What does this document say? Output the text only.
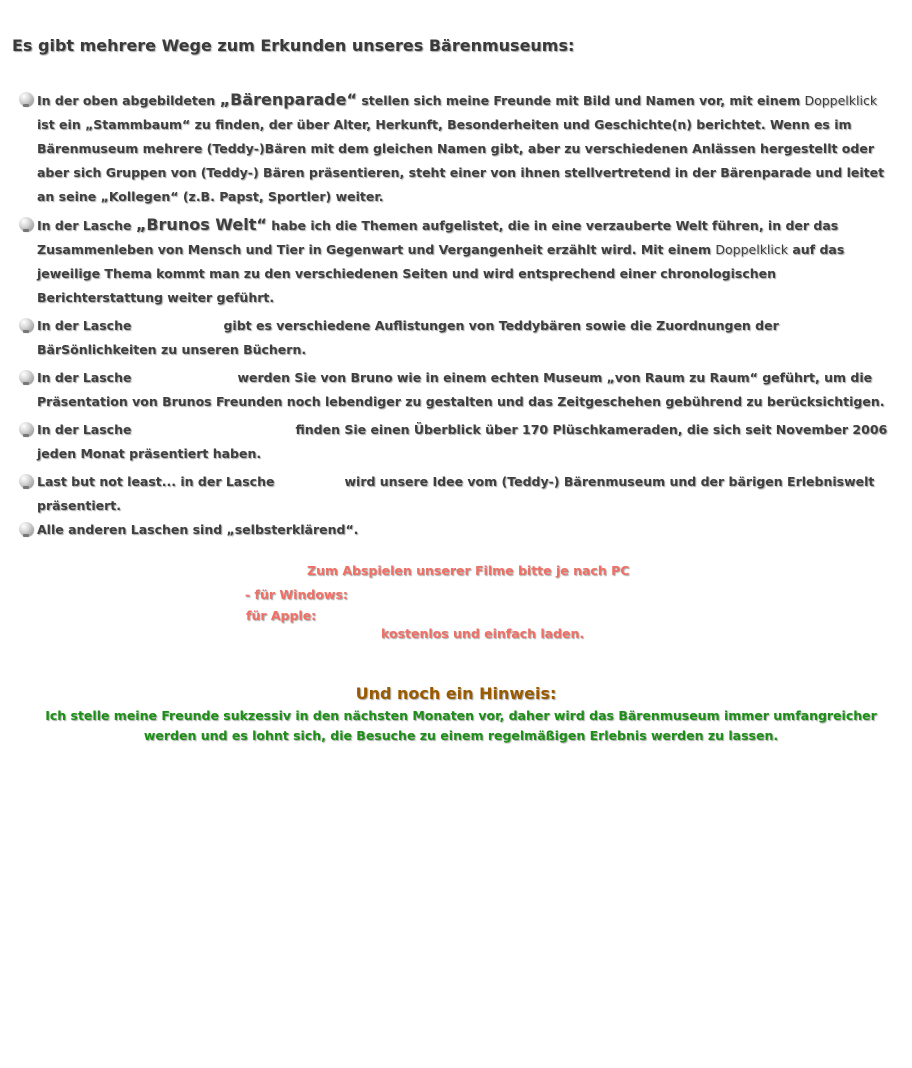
Es gibt mehrere Wege zum Erkunden unseres Bärenmuseums:
In der oben abgebildeten „Bärenparade“ stellen sich meine Freunde mit Bild und Namen vor, mit einem Doppelklick ist ein „Stammbaum“ zu finden, der über Alter, Herkunft, Besonderheiten und Geschichte(n) berichtet. Wenn es im Bärenmuseum mehrere (Teddy-)Bären mit dem gleichen Namen gibt, aber zu verschiedenen Anlässen hergestellt oder aber sich Gruppen von (Teddy-) Bären präsentieren, steht einer von ihnen stellvertretend in der Bärenparade und leitet an seine „Kollegen“ (z.B. Papst, Sportler) weiter.
In der Lasche „Brunos Welt“ habe ich die Themen aufgelistet, die in eine verzauberte Welt führen, in der das Zusammenleben von Mensch und Tier in Gegenwart und Vergangenheit erzählt wird. Mit einem Doppelklick auf das jeweilige Thema kommt man zu den verschiedenen Seiten und wird entsprechend einer chronologischen Berichterstattung weiter geführt.
In der Lasche	gibt es verschiedene Auflistungen von Teddybären sowie die Zuordnungen der BärSönlichkeiten zu unseren Büchern.
In der Lasche	werden Sie von Bruno wie in einem echten Museum „von Raum zu Raum“ geführt, um die Präsentation von Brunos Freunden noch lebendiger zu gestalten und das Zeitgeschehen gebührend zu berücksichtigen.
In der Lasche	finden Sie einen Überblick über 170 Plüschkameraden, die sich seit November 2006 jeden Monat präsentiert haben.
Last but not least... in der Lasche	wird unsere Idee vom (Teddy-) Bärenmuseum und der bärigen Erlebniswelt präsentiert.
Alle anderen Laschen sind „selbsterklärend“.
Zum Abspielen unserer Filme bitte je nach PC
- für Windows:
für Apple:
kostenlos und einfach laden.
Und noch ein Hinweis:
Ich stelle meine Freunde sukzessiv in den nächsten Monaten vor, daher wird das Bärenmuseum immer umfangreicher werden und es lohnt sich, die Besuche zu einem regelmäßigen Erlebnis werden zu lassen.
